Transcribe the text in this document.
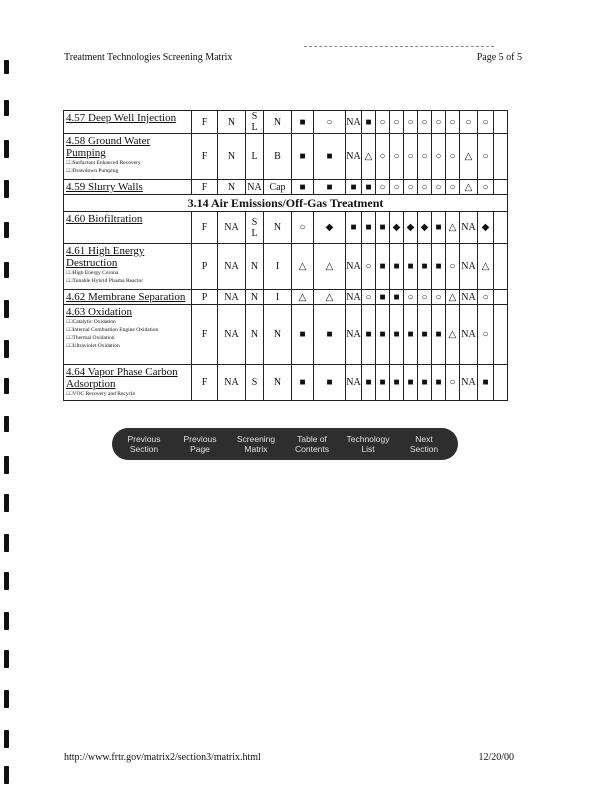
Treatment Technologies Screening Matrix	Page 5 of 5
4.57 Deep Well Injection	F	N	S L	N	■	○	NA	■	○	○	○	○	○	○	○	○	
4.58 Ground Water Pumping
□□ Surfactant Enhanced Recovery
□□ Drawdown Pumping	F	N	L	B	■	■	NA	△	○	○	○	○	○	○	△	○	
4.59 Slurry Walls	F	N	NA	Cap	■	■	■	■	○	○	○	○	○	○	△	○	
3.14 Air Emissions/Off-Gas Treatment																	
4.60 Biofiltration	F	NA	S L	N	○	◆	■	■	■	◆	◆	◆	■	△	NA	◆	
4.61 High Energy Destruction
□□ High Energy Corona
□□ Tunable Hybrid Plasma Reactor	P	NA	N	I	△	△	NA	○	■	■	■	■	■	○	NA	△	
4.62 Membrane Separation	P	NA	N	I	△	△	NA	○	■	■	○	○	○	△	NA	○	
4.63 Oxidation
□□ Catalytic Oxidation
□□ Internal Combustion Engine Oxidation
□□ Thermal Oxidation
□□ Ultraviolet Oxidation	F	NA	N	N	■	■	NA	■	■	■	■	■	■	△	NA	○	
4.64 Vapor Phase Carbon Adsorption
□□ VOC Recovery and Recycle	F	NA	S	N	■	■	NA	■	■	■	■	■	■	○	NA	■	
Previous
Section
Previous
Page
Screening
Matrix
Table of
Contents
Technology
List
Next
Section
http://www.frtr.gov/matrix2/section3/matrix.html	12/20/00
